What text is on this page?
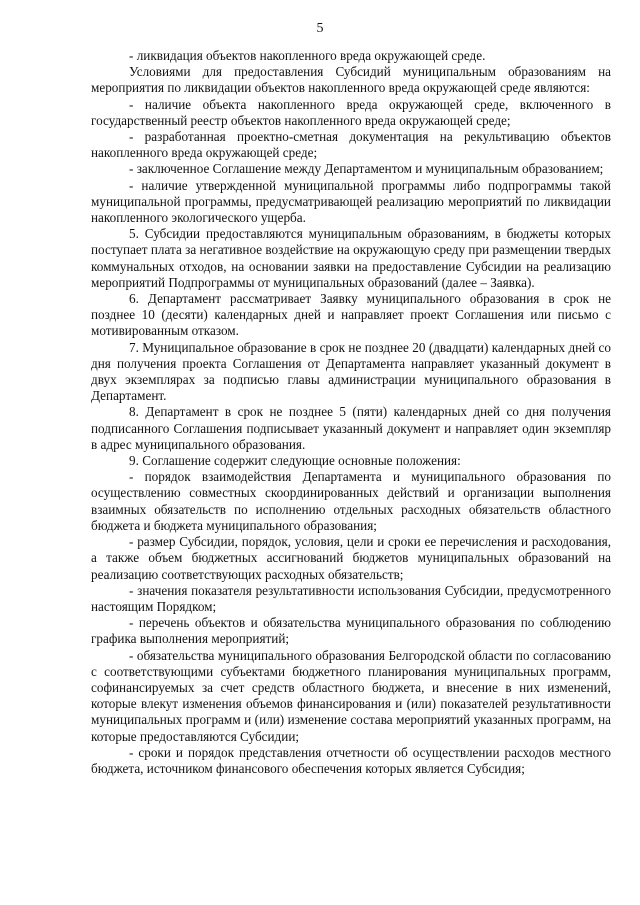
5

- ликвидация объектов накопленного вреда окружающей среде.

Условиями для предоставления Субсидий муниципальным образованиям на мероприятия по ликвидации объектов накопленного вреда окружающей среде являются:

- наличие объекта накопленного вреда окружающей среде, включенного в государственный реестр объектов накопленного вреда окружающей среде;

- разработанная проектно-сметная документация на рекультивацию объектов накопленного вреда окружающей среде;

- заключенное Соглашение между Департаментом и муниципальным образованием;

- наличие утвержденной муниципальной программы либо подпрограммы такой муниципальной программы, предусматривающей реализацию мероприятий по ликвидации накопленного экологического ущерба.

5. Субсидии предоставляются муниципальным образованиям, в бюджеты которых поступает плата за негативное воздействие на окружающую среду при размещении твердых коммунальных отходов, на основании заявки на предоставление Субсидии на реализацию мероприятий Подпрограммы от муниципальных образований (далее – Заявка).

6. Департамент рассматривает Заявку муниципального образования в срок не позднее 10 (десяти) календарных дней и направляет проект Соглашения или письмо с мотивированным отказом.

7. Муниципальное образование в срок не позднее 20 (двадцати) календарных дней со дня получения проекта Соглашения от Департамента направляет указанный документ в двух экземплярах за подписью главы администрации муниципального образования в Департамент.

8. Департамент в срок не позднее 5 (пяти) календарных дней со дня получения подписанного Соглашения подписывает указанный документ и направляет один экземпляр в адрес муниципального образования.

9. Соглашение содержит следующие основные положения:

- порядок взаимодействия Департамента и муниципального образования по осуществлению совместных скоординированных действий и организации выполнения взаимных обязательств по исполнению отдельных расходных обязательств областного бюджета и бюджета муниципального образования;

- размер Субсидии, порядок, условия, цели и сроки ее перечисления и расходования, а также объем бюджетных ассигнований бюджетов муниципальных образований на реализацию соответствующих расходных обязательств;

- значения показателя результативности использования Субсидии, предусмотренного настоящим Порядком;

- перечень объектов и обязательства муниципального образования по соблюдению графика выполнения мероприятий;

- обязательства муниципального образования Белгородской области по согласованию с соответствующими субъектами бюджетного планирования муниципальных программ, софинансируемых за счет средств областного бюджета, и внесение в них изменений, которые влекут изменения объемов финансирования и (или) показателей результативности муниципальных программ и (или) изменение состава мероприятий указанных программ, на которые предоставляются Субсидии;

- сроки и порядок представления отчетности об осуществлении расходов местного бюджета, источником финансового обеспечения которых является Субсидия;
